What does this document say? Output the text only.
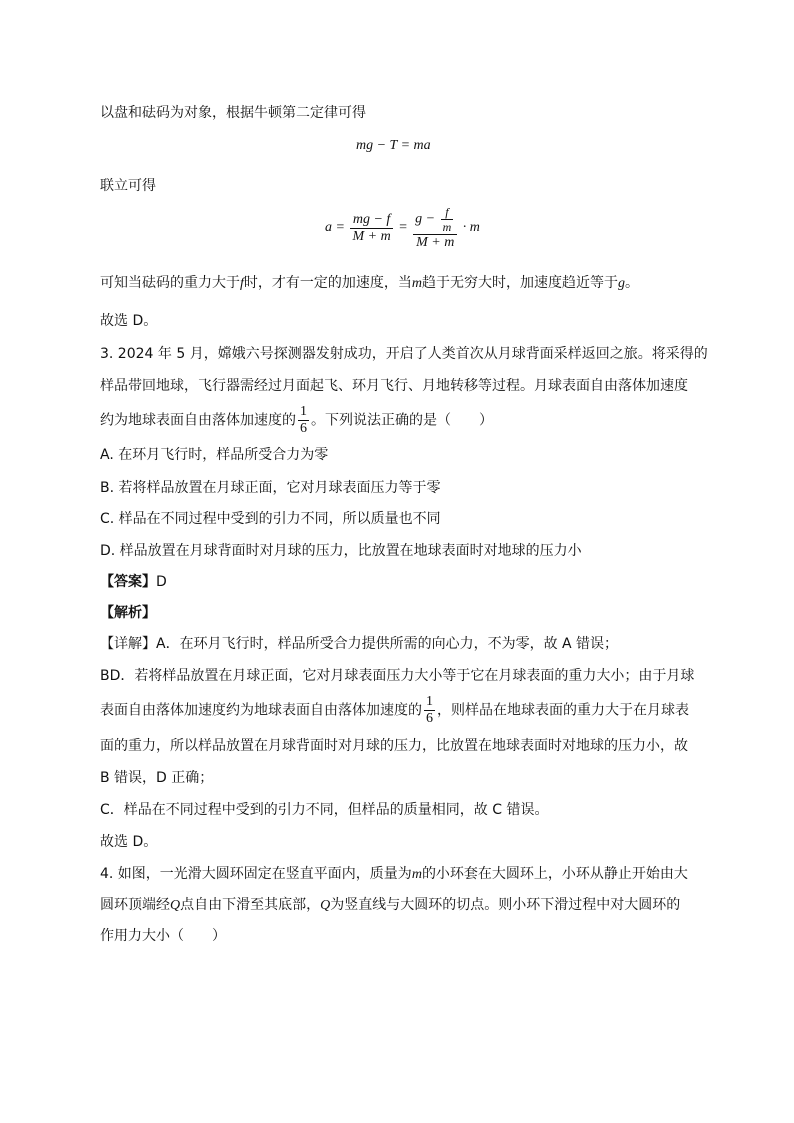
以盘和砝码为对象，根据牛顿第二定律可得
mg − T = ma
联立可得
$a = \frac{mg - f}{M + m} = \frac{g - \frac{f}{m}}{M + m} \cdot m$
可知当砝码的重力大于f时，才有一定的加速度，当m趋于无穷大时，加速度趋近等于g。
故选 D。
3. 2024 年 5 月，嫦娥六号探测器发射成功，开启了人类首次从月球背面采样返回之旅。将采得的
样品带回地球，飞行器需经过月面起飞、环月飞行、月地转移等过程。月球表面自由落体加速度
约为地球表面自由落体加速度的 $\frac{1}{6}$ 。下列说法正确的是（　　）
A. 在环月飞行时，样品所受合力为零
B. 若将样品放置在月球正面，它对月球表面压力等于零
C. 样品在不同过程中受到的引力不同，所以质量也不同
D. 样品放置在月球背面时对月球的压力，比放置在地球表面时对地球的压力小
【答案】D
【解析】
【详解】A．在环月飞行时，样品所受合力提供所需的向心力，不为零，故 A 错误；
BD．若将样品放置在月球正面，它对月球表面压力大小等于它在月球表面的重力大小；由于月球
表面自由落体加速度约为地球表面自由落体加速度的 $\frac{1}{6}$ ，则样品在地球表面的重力大于在月球表
面的重力，所以样品放置在月球背面时对月球的压力，比放置在地球表面时对地球的压力小，故
B 错误，D 正确；
C．样品在不同过程中受到的引力不同，但样品的质量相同，故 C 错误。
故选 D。
4. 如图，一光滑大圆环固定在竖直平面内，质量为m的小环套在大圆环上，小环从静止开始由大
圆环顶端经Q点自由下滑至其底部，Q为竖直线与大圆环的切点。则小环下滑过程中对大圆环的
作用力大小（　　）
